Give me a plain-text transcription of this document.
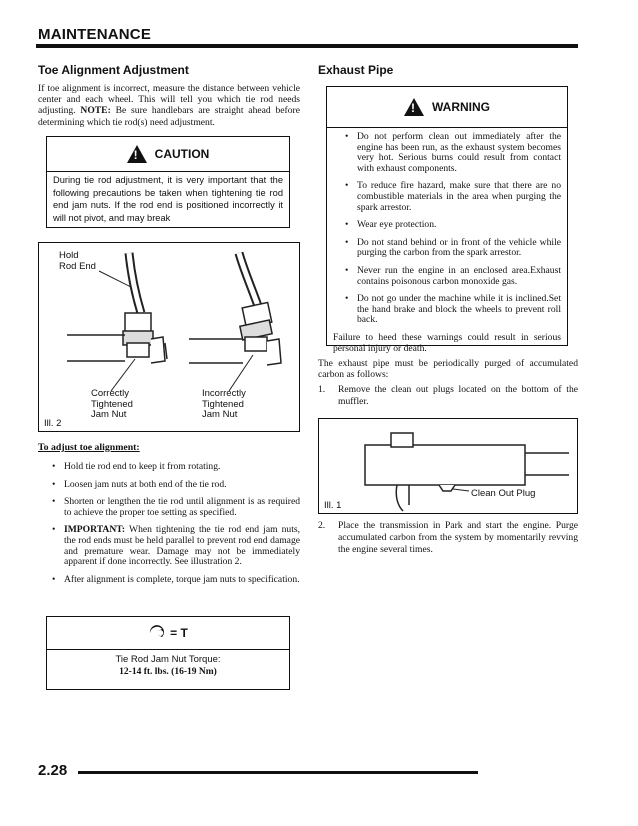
MAINTENANCE
Toe Alignment Adjustment
If toe alignment is incorrect, measure the distance between vehicle center and each wheel. This will tell you which tie rod needs adjusting. NOTE: Be sure handlebars are straight ahead before determining which tie rod(s) need adjustment.
! CAUTION
During tie rod adjustment, it is very important that the following precautions be taken when tightening tie rod end jam nuts. If the rod end is positioned incorrectly it will not pivot, and may break
Hold
Rod End
Correctly
Tightened
Jam Nut
Incorrectly
Tightened
Jam Nut
Ill. 2
To adjust toe alignment:
• Hold tie rod end to keep it from rotating.
• Loosen jam nuts at both end of the tie rod.
• Shorten or lengthen the tie rod until alignment is as required to achieve the proper toe setting as specified.
• IMPORTANT: When tightening the tie rod end jam nuts, the rod ends must be held parallel to prevent rod end damage and premature wear. Damage may not be immediately apparent if done incorrectly. See illustration 2.
• After alignment is complete, torque jam nuts to specification.
= T
Tie Rod Jam Nut Torque:
12-14 ft. lbs. (16-19 Nm)
Exhaust Pipe
! WARNING
• Do not perform clean out immediately after the engine has been run, as the exhaust system becomes very hot. Serious burns could result from contact with exhaust components.
• To reduce fire hazard, make sure that there are no combustible materials in the area when purging the spark arrestor.
• Wear eye protection.
• Do not stand behind or in front of the vehicle while purging the carbon from the spark arrestor.
• Never run the engine in an enclosed area.Exhaust contains poisonous carbon monoxide gas.
• Do not go under the machine while it is inclined.Set the hand brake and block the wheels to prevent roll back.
Failure to heed these warnings could result in serious personal injury or death.
The exhaust pipe must be periodically purged of accumulated carbon as follows:
1. Remove the clean out plugs located on the bottom of the muffler.
Clean Out Plug
Ill. 1
2. Place the transmission in Park and start the engine. Purge accumulated carbon from the system by momentarily revving the engine several times.
2.28
